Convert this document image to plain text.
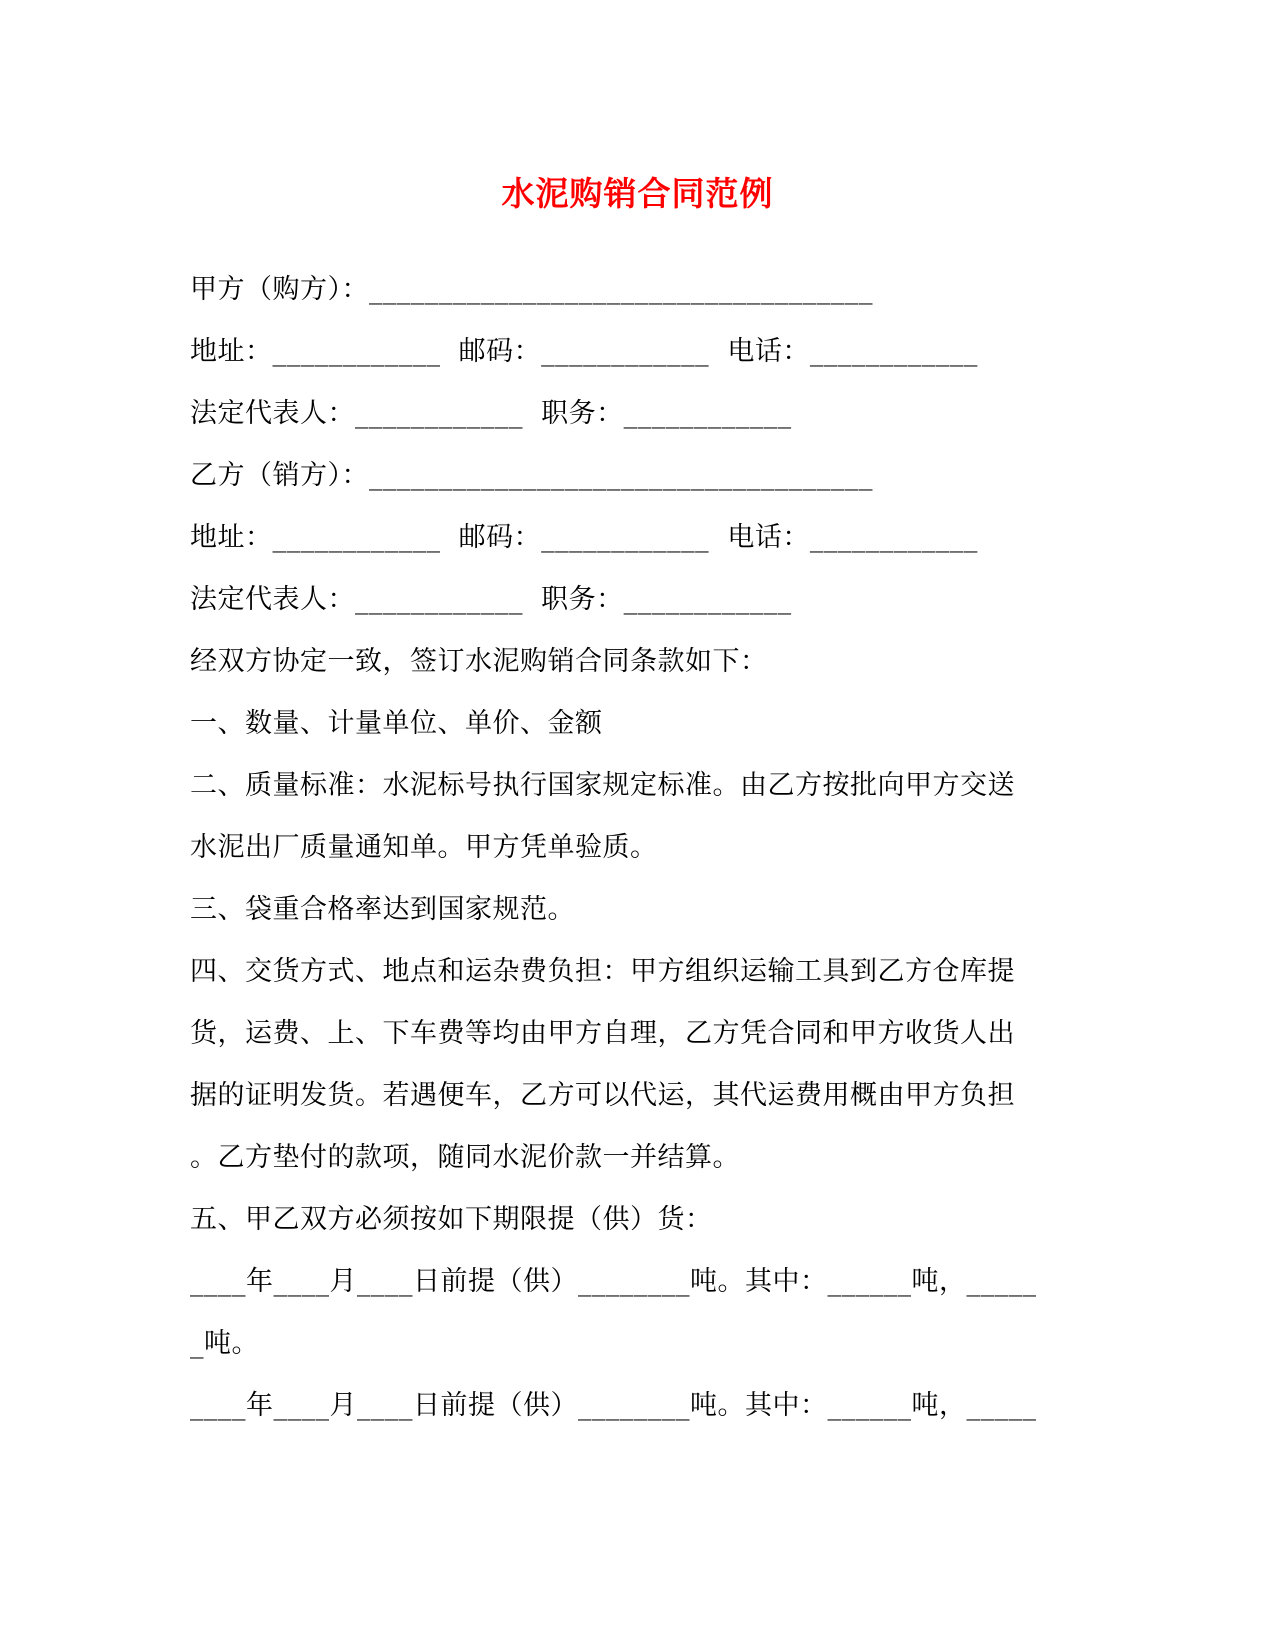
水泥购销合同范例
甲方（购方）：____________________________________
地址：____________  邮码：____________  电话：____________
法定代表人：____________  职务：____________
乙方（销方）：____________________________________
地址：____________  邮码：____________  电话：____________
法定代表人：____________  职务：____________
经双方协定一致，签订水泥购销合同条款如下：
一、数量、计量单位、单价、金额
二、质量标准：水泥标号执行国家规定标准。由乙方按批向甲方交送
水泥出厂质量通知单。甲方凭单验质。
三、袋重合格率达到国家规范。
四、交货方式、地点和运杂费负担：甲方组织运输工具到乙方仓库提
货，运费、上、下车费等均由甲方自理，乙方凭合同和甲方收货人出
据的证明发货。若遇便车，乙方可以代运，其代运费用概由甲方负担
。乙方垫付的款项，随同水泥价款一并结算。
五、甲乙双方必须按如下期限提（供）货：
____年____月____日前提（供）________吨。其中：______吨，_____
_吨。
____年____月____日前提（供）________吨。其中：______吨，_____
